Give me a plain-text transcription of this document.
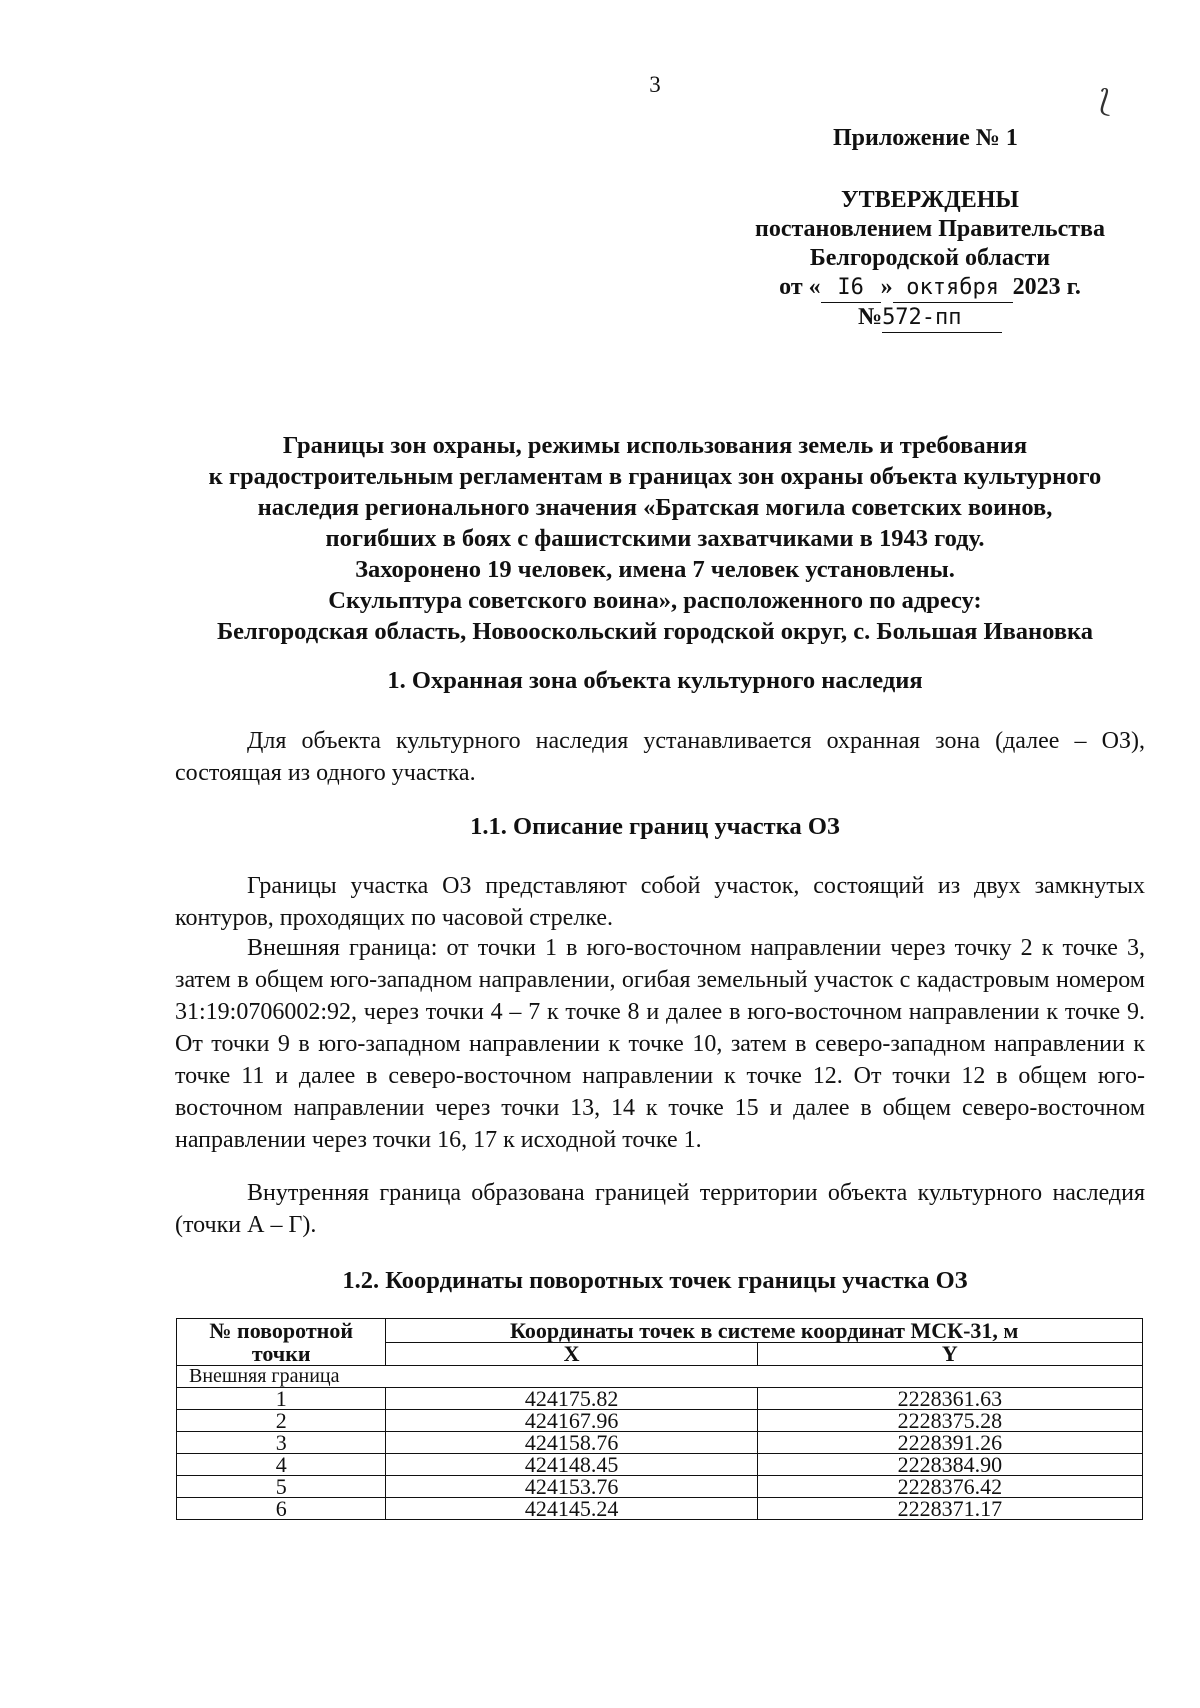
3
⟅
Приложение № 1
УТВЕРЖДЕНЫ
постановлением Правительства
Белгородской области
от « I6 » октября 2023 г.
№572-пп
Границы зон охраны, режимы использования земель и требования
к градостроительным регламентам в границах зон охраны объекта культурного
наследия регионального значения «Братская могила советских воинов,
погибших в боях с фашистскими захватчиками в 1943 году.
Захоронено 19 человек, имена 7 человек установлены.
Скульптура советского воина», расположенного по адресу:
Белгородская область, Новооскольский городской округ, с. Большая Ивановка
1. Охранная зона объекта культурного наследия
Для объекта культурного наследия устанавливается охранная зона (далее – ОЗ), состоящая из одного участка.
1.1. Описание границ участка ОЗ
Границы участка ОЗ представляют собой участок, состоящий из двух замкнутых контуров, проходящих по часовой стрелке.
Внешняя граница: от точки 1 в юго-восточном направлении через точку 2 к точке 3, затем в общем юго-западном направлении, огибая земельный участок с кадастровым номером 31:19:0706002:92, через точки 4 – 7 к точке 8 и далее в юго-восточном направлении к точке 9. От точки 9 в юго-западном направлении к точке 10, затем в северо-западном направлении к точке 11 и далее в северо-восточном направлении к точке 12. От точки 12 в общем юго-восточном направлении через точки 13, 14 к точке 15 и далее в общем северо-восточном направлении через точки 16, 17 к исходной точке 1.
Внутренняя граница образована границей территории объекта культурного наследия (точки А – Г).
1.2. Координаты поворотных точек границы участка ОЗ
№ поворотной
точки	Координаты точек в системе координат МСК-31, м	
	X	Y
Внешняя граница		
1	424175.82	2228361.63
2	424167.96	2228375.28
3	424158.76	2228391.26
4	424148.45	2228384.90
5	424153.76	2228376.42
6	424145.24	2228371.17
